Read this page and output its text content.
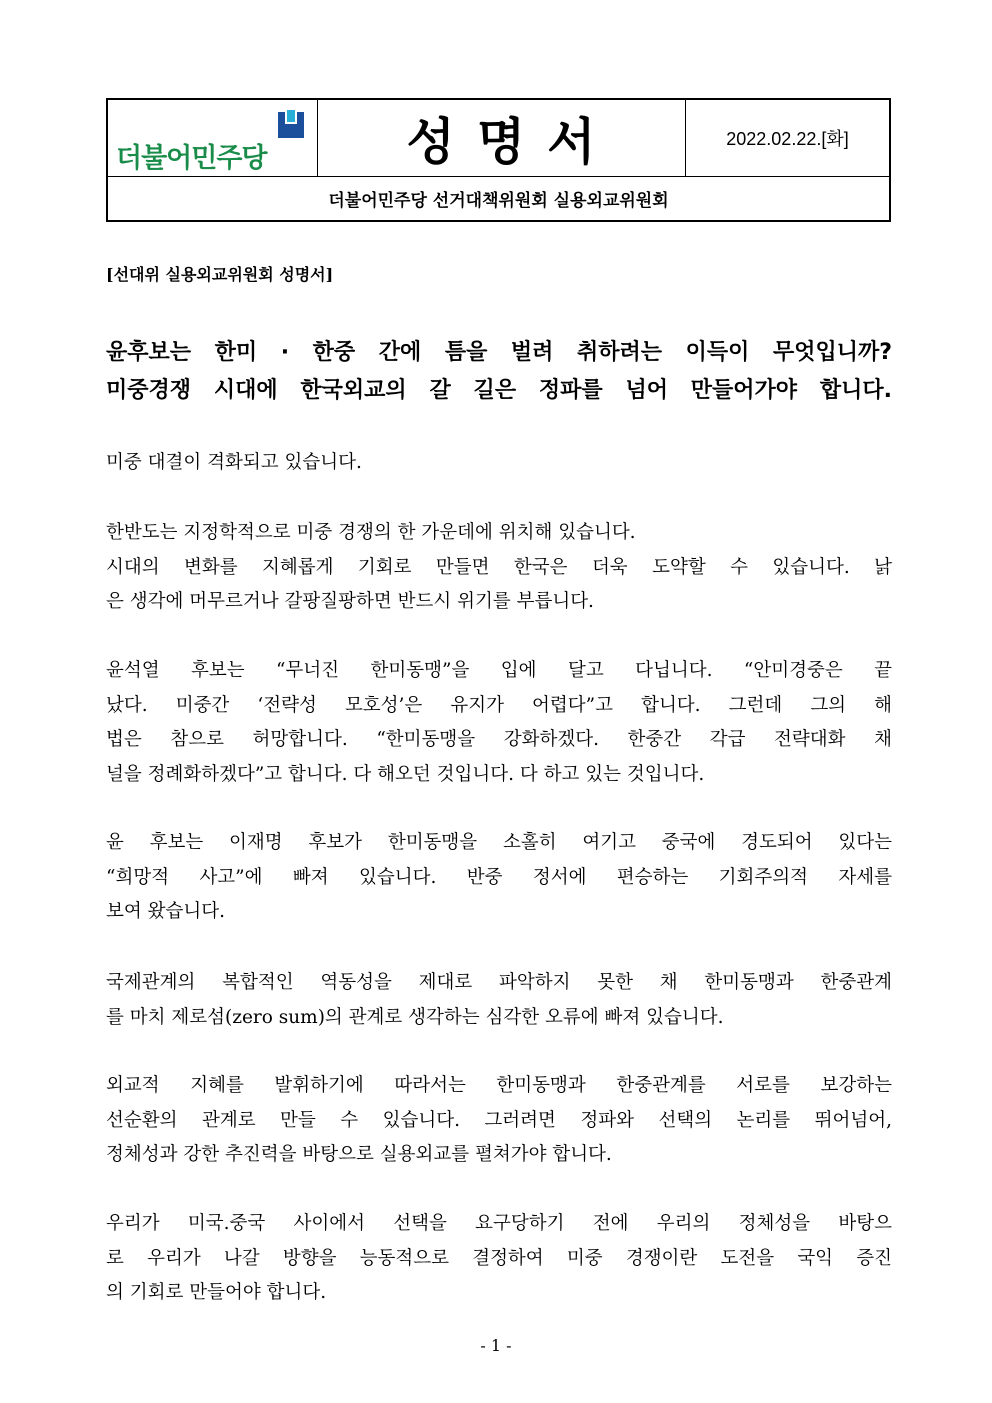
더불어민주당	성명서	2022.02.22.[화]
더불어민주당 선거대책위원회 실용외교위원회
[선대위 실용외교위원회 성명서]
윤후보는 한미 · 한중 간에 틈을 벌려 취하려는 이득이 무엇입니까?
미중경쟁 시대에 한국외교의 갈 길은 정파를 넘어 만들어가야 합니다.
미중 대결이 격화되고 있습니다.
한반도는 지정학적으로 미중 경쟁의 한 가운데에 위치해 있습니다.
시대의 변화를 지혜롭게 기회로 만들면 한국은 더욱 도약할 수 있습니다. 낡
은 생각에 머무르거나 갈팡질팡하면 반드시 위기를 부릅니다.
윤석열 후보는 “무너진 한미동맹”을 입에 달고 다닙니다. “안미경중은 끝
났다. 미중간 ‘전략성 모호성’은 유지가 어렵다”고 합니다. 그런데 그의 해
법은 참으로 허망합니다. “한미동맹을 강화하겠다. 한중간 각급 전략대화 채
널을 정례화하겠다”고 합니다. 다 해오던 것입니다. 다 하고 있는 것입니다.
윤 후보는 이재명 후보가 한미동맹을 소홀히 여기고 중국에 경도되어 있다는
“희망적 사고”에 빠져 있습니다. 반중 정서에 편승하는 기회주의적 자세를
보여 왔습니다.
국제관계의 복합적인 역동성을 제대로 파악하지 못한 채 한미동맹과 한중관계
를 마치 제로섬(zero sum)의 관계로 생각하는 심각한 오류에 빠져 있습니다.
외교적 지혜를 발휘하기에 따라서는 한미동맹과 한중관계를 서로를 보강하는
선순환의 관계로 만들 수 있습니다. 그러려면 정파와 선택의 논리를 뛰어넘어,
정체성과 강한 추진력을 바탕으로 실용외교를 펼쳐가야 합니다.
우리가 미국.중국 사이에서 선택을 요구당하기 전에 우리의 정체성을 바탕으
로 우리가 나갈 방향을 능동적으로 결정하여 미중 경쟁이란 도전을 국익 증진
의 기회로 만들어야 합니다.
- 1 -
